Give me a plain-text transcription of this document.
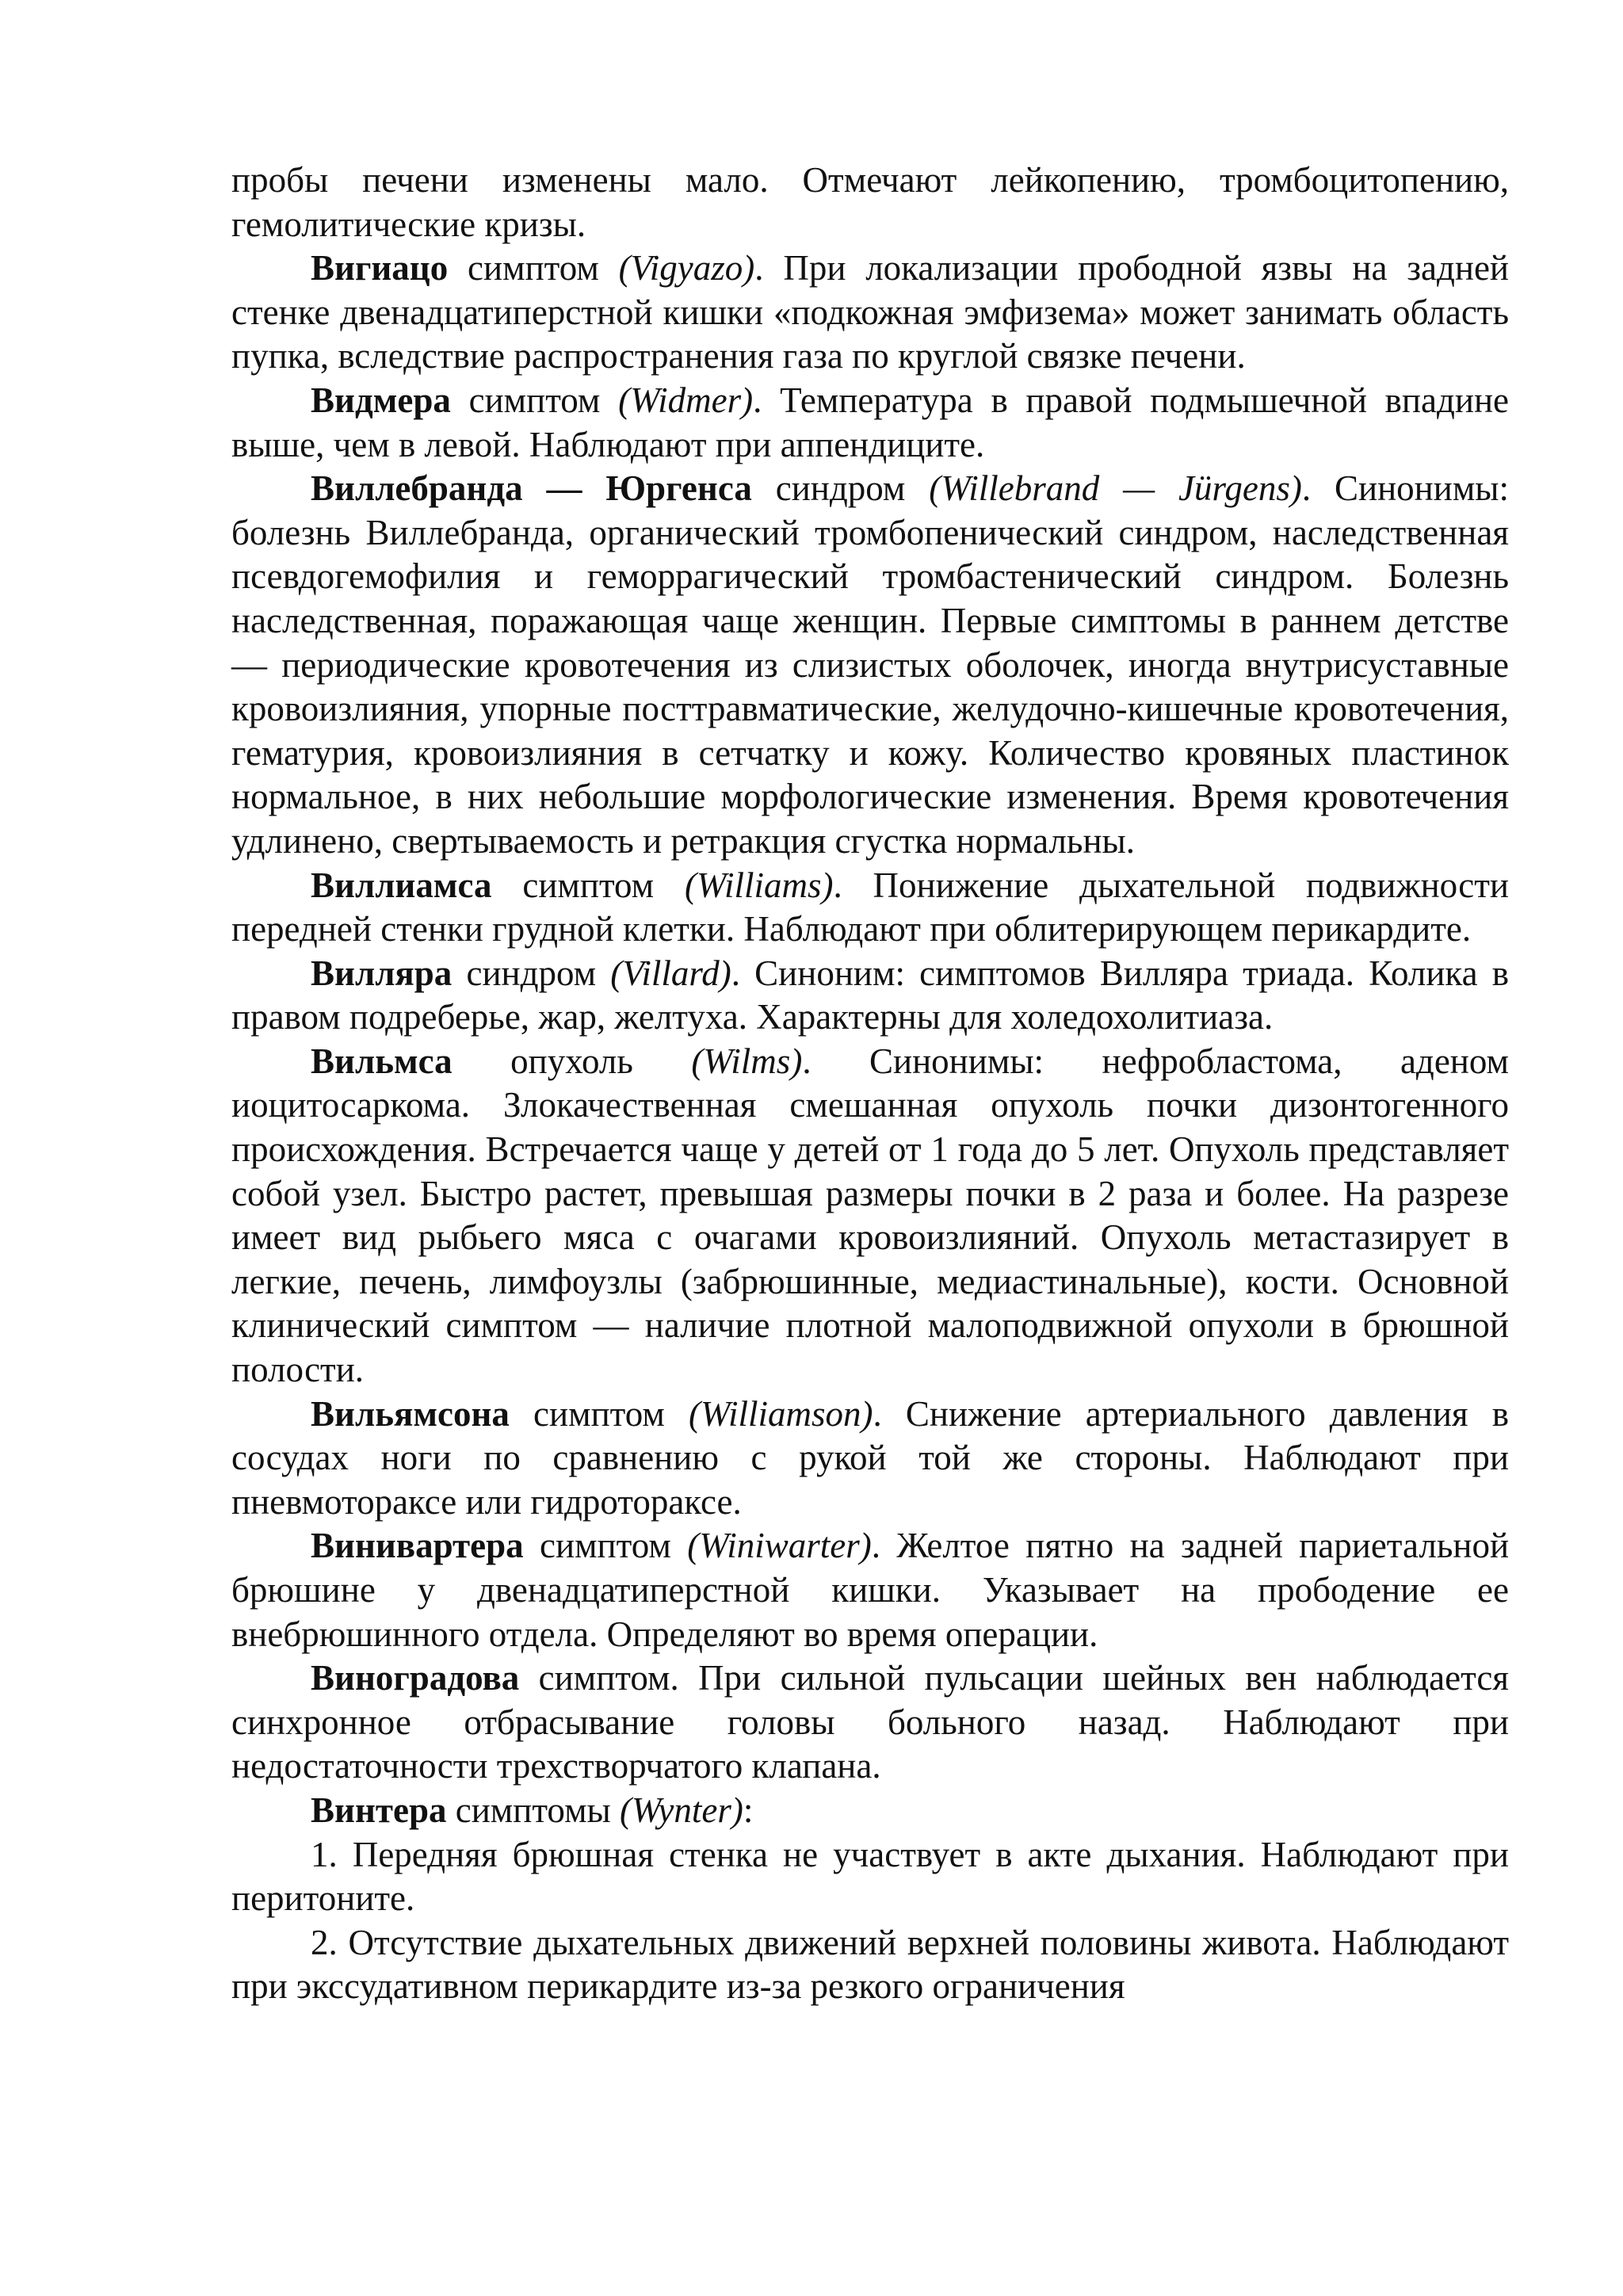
пробы печени изменены мало. Отмечают лейкопению, тромбоцитопению, гемолитические кризы.

Вигиацо симптом (Vigyazo). При локализации прободной язвы на задней стенке двенадцатиперстной кишки «подкожная эмфизема» может занимать область пупка, вследствие распространения газа по круглой связке печени.

Видмера симптом (Widmer). Температура в правой подмышечной впадине выше, чем в левой. Наблюдают при аппендиците.

Виллебранда — Юргенса синдром (Willebrand — Jürgens). Синонимы: болезнь Виллебранда, органический тромбопенический синдром, наследственная псевдогемофилия и геморрагический тромбастенический синдром. Болезнь наследственная, поражающая чаще женщин. Первые симптомы в раннем детстве — периодические кровотечения из слизистых оболочек, иногда внутрисуставные кровоизлияния, упорные посттравматические, желудочно-кишечные кровотечения, гематурия, кровоизлияния в сетчатку и кожу. Количество кровяных пластинок нормальное, в них небольшие морфологические изменения. Время кровотечения удлинено, свертываемость и ретракция сгустка нормальны.

Виллиамса симптом (Williams). Понижение дыхательной подвижности передней стенки грудной клетки. Наблюдают при облитерирующем перикардите.

Вилляра синдром (Villard). Синоним: симптомов Вилляра триада. Колика в правом подреберье, жар, желтуха. Характерны для холедохолитиаза.

Вильмса опухоль (Wilms). Синонимы: нефробластома, аденом иоцитосаркома. Злокачественная смешанная опухоль почки дизонтогенного происхождения. Встречается чаще у детей от 1 года до 5 лет. Опухоль представляет собой узел. Быстро растет, превышая размеры почки в 2 раза и более. На разрезе имеет вид рыбьего мяса с очагами кровоизлияний. Опухоль метастазирует в легкие, печень, лимфоузлы (забрюшинные, медиастинальные), кости. Основной клинический симптом — наличие плотной малоподвижной опухоли в брюшной полости.

Вильямсона симптом (Williamson). Снижение артериального давления в сосудах ноги по сравнению с рукой той же стороны. Наблюдают при пневмотораксе или гидротораксе.

Винивартера симптом (Winiwarter). Желтое пятно на задней париетальной брюшине у двенадцатиперстной кишки. Указывает на прободение ее внебрюшинного отдела. Определяют во время операции.

Виноградова симптом. При сильной пульсации шейных вен наблюдается синхронное отбрасывание головы больного назад. Наблюдают при недостаточности трехстворчатого клапана.

Винтера симптомы (Wynter):

1. Передняя брюшная стенка не участвует в акте дыхания. Наблюдают при перитоните.

2. Отсутствие дыхательных движений верхней половины живота. Наблюдают при экссудативном перикардите из-за резкого ограничения
